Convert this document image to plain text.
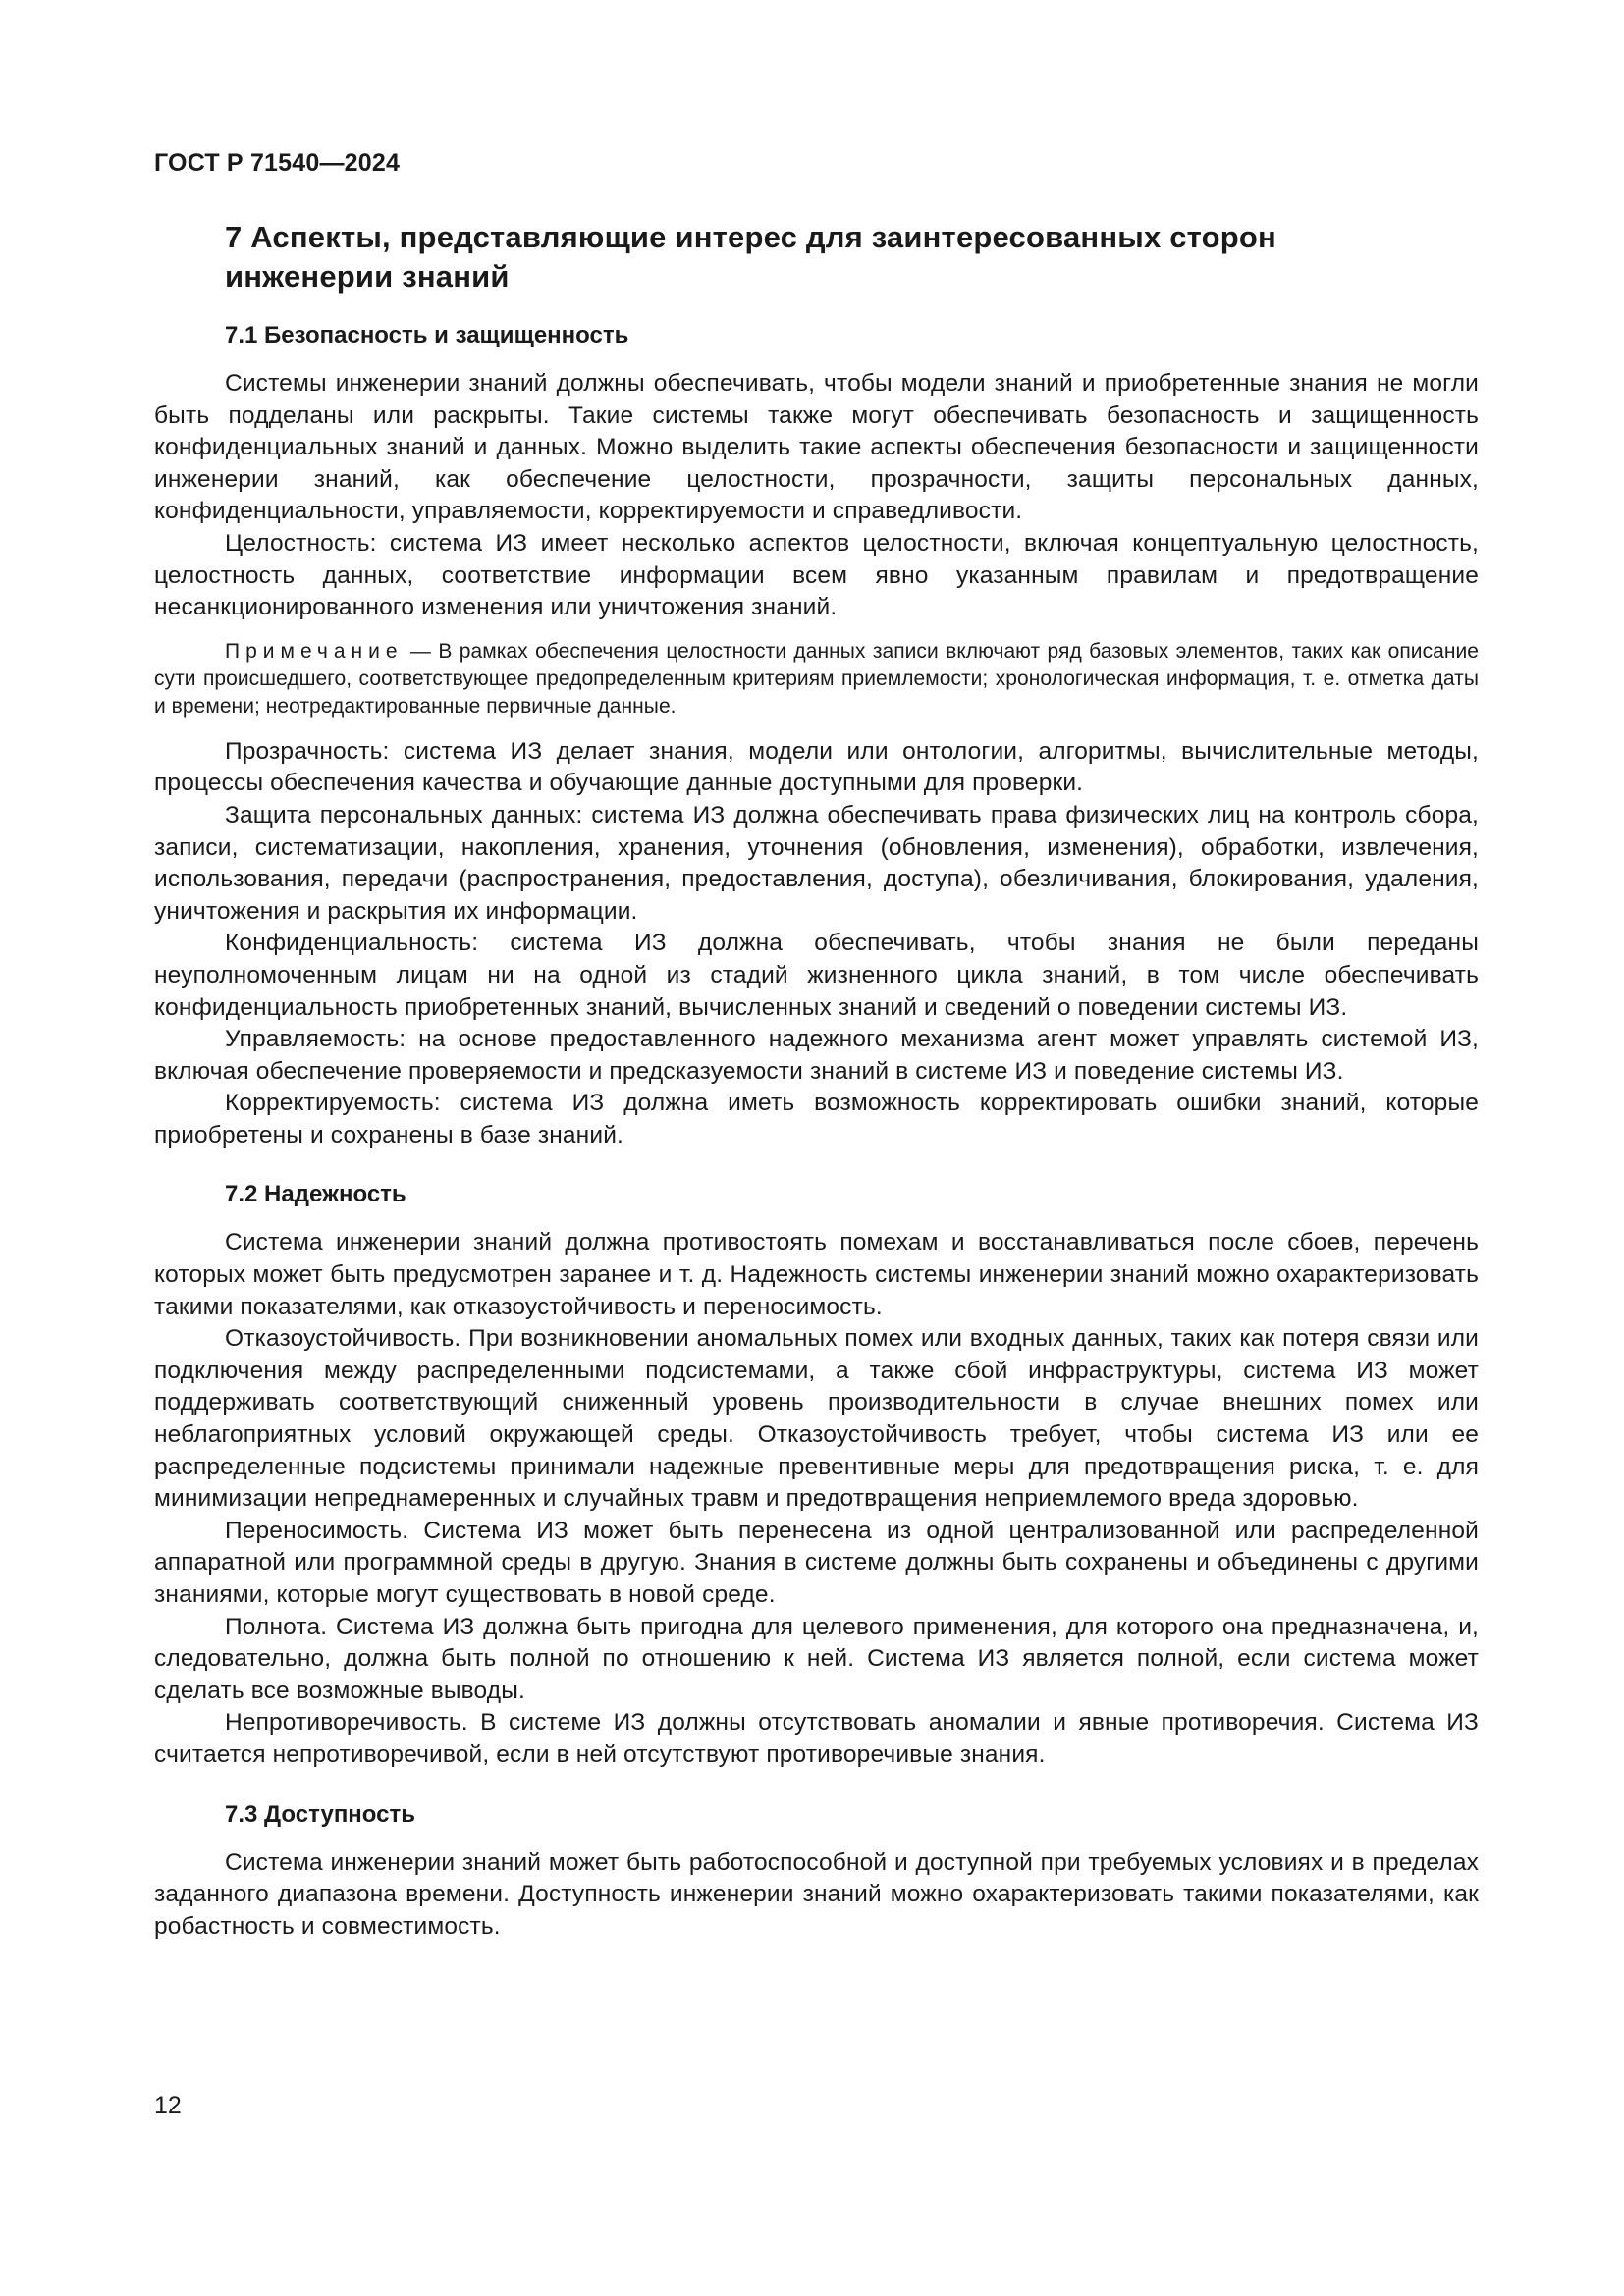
ГОСТ Р 71540—2024
7 Аспекты, представляющие интерес для заинтересованных сторон
инженерии знаний
7.1 Безопасность и защищенность

Системы инженерии знаний должны обеспечивать, чтобы модели знаний и приобретенные знания не могли быть подделаны или раскрыты. Такие системы также могут обеспечивать безопасность и защищенность конфиденциальных знаний и данных. Можно выделить такие аспекты обеспечения безопасности и защищенности инженерии знаний, как обеспечение целостности, прозрачности, защиты персональных данных, конфиденциальности, управляемости, корректируемости и справедливости.

Целостность: система ИЗ имеет несколько аспектов целостности, включая концептуальную целостность, целостность данных, соответствие информации всем явно указанным правилам и предотвращение несанкционированного изменения или уничтожения знаний.

Примечание — В рамках обеспечения целостности данных записи включают ряд базовых элементов, таких как описание сути происшедшего, соответствующее предопределенным критериям приемлемости; хронологическая информация, т. е. отметка даты и времени; неотредактированные первичные данные.

Прозрачность: система ИЗ делает знания, модели или онтологии, алгоритмы, вычислительные методы, процессы обеспечения качества и обучающие данные доступными для проверки.

Защита персональных данных: система ИЗ должна обеспечивать права физических лиц на контроль сбора, записи, систематизации, накопления, хранения, уточнения (обновления, изменения), обработки, извлечения, использования, передачи (распространения, предоставления, доступа), обезличивания, блокирования, удаления, уничтожения и раскрытия их информации.

Конфиденциальность: система ИЗ должна обеспечивать, чтобы знания не были переданы неуполномоченным лицам ни на одной из стадий жизненного цикла знаний, в том числе обеспечивать конфиденциальность приобретенных знаний, вычисленных знаний и сведений о поведении системы ИЗ.

Управляемость: на основе предоставленного надежного механизма агент может управлять системой ИЗ, включая обеспечение проверяемости и предсказуемости знаний в системе ИЗ и поведение системы ИЗ.

Корректируемость: система ИЗ должна иметь возможность корректировать ошибки знаний, которые приобретены и сохранены в базе знаний.

7.2 Надежность

Система инженерии знаний должна противостоять помехам и восстанавливаться после сбоев, перечень которых может быть предусмотрен заранее и т. д. Надежность системы инженерии знаний можно охарактеризовать такими показателями, как отказоустойчивость и переносимость.

Отказоустойчивость. При возникновении аномальных помех или входных данных, таких как потеря связи или подключения между распределенными подсистемами, а также сбой инфраструктуры, система ИЗ может поддерживать соответствующий сниженный уровень производительности в случае внешних помех или неблагоприятных условий окружающей среды. Отказоустойчивость требует, чтобы система ИЗ или ее распределенные подсистемы принимали надежные превентивные меры для предотвращения риска, т. е. для минимизации непреднамеренных и случайных травм и предотвращения неприемлемого вреда здоровью.

Переносимость. Система ИЗ может быть перенесена из одной централизованной или распределенной аппаратной или программной среды в другую. Знания в системе должны быть сохранены и объединены с другими знаниями, которые могут существовать в новой среде.

Полнота. Система ИЗ должна быть пригодна для целевого применения, для которого она предназначена, и, следовательно, должна быть полной по отношению к ней. Система ИЗ является полной, если система может сделать все возможные выводы.

Непротиворечивость. В системе ИЗ должны отсутствовать аномалии и явные противоречия. Система ИЗ считается непротиворечивой, если в ней отсутствуют противоречивые знания.

7.3 Доступность

Система инженерии знаний может быть работоспособной и доступной при требуемых условиях и в пределах заданного диапазона времени. Доступность инженерии знаний можно охарактеризовать такими показателями, как робастность и совместимость.

12
